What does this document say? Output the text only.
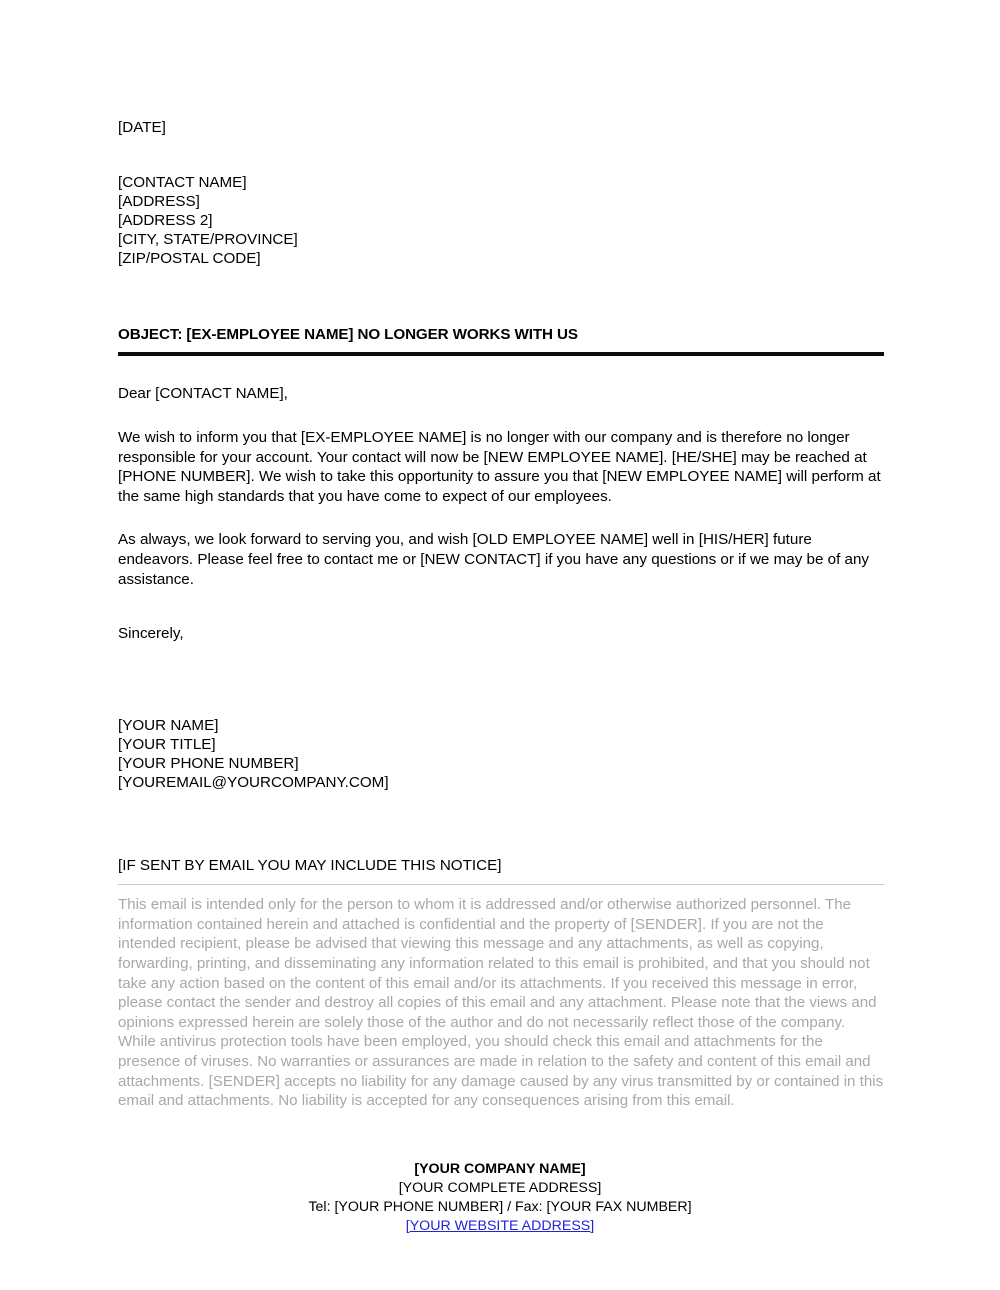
[DATE]
[CONTACT NAME]
[ADDRESS]
[ADDRESS 2]
[CITY, STATE/PROVINCE]
[ZIP/POSTAL CODE]
OBJECT: [EX-EMPLOYEE NAME] NO LONGER WORKS WITH US
Dear [CONTACT NAME],
We wish to inform you that [EX-EMPLOYEE NAME] is no longer with our company and is therefore no longer responsible for your account. Your contact will now be [NEW EMPLOYEE NAME]. [HE/SHE] may be reached at [PHONE NUMBER]. We wish to take this opportunity to assure you that [NEW EMPLOYEE NAME] will perform at the same high standards that you have come to expect of our employees.
As always, we look forward to serving you, and wish [OLD EMPLOYEE NAME] well in [HIS/HER] future endeavors. Please feel free to contact me or [NEW CONTACT] if you have any questions or if we may be of any assistance.
Sincerely,
[YOUR NAME]
[YOUR TITLE]
[YOUR PHONE NUMBER]
[YOUREMAIL@YOURCOMPANY.COM]
[IF SENT BY EMAIL YOU MAY INCLUDE THIS NOTICE]
This email is intended only for the person to whom it is addressed and/or otherwise authorized personnel. The information contained herein and attached is confidential and the property of [SENDER]. If you are not the intended recipient, please be advised that viewing this message and any attachments, as well as copying, forwarding, printing, and disseminating any information related to this email is prohibited, and that you should not take any action based on the content of this email and/or its attachments. If you received this message in error, please contact the sender and destroy all copies of this email and any attachment. Please note that the views and opinions expressed herein are solely those of the author and do not necessarily reflect those of the company. While antivirus protection tools have been employed, you should check this email and attachments for the presence of viruses. No warranties or assurances are made in relation to the safety and content of this email and attachments. [SENDER] accepts no liability for any damage caused by any virus transmitted by or contained in this email and attachments. No liability is accepted for any consequences arising from this email.
[YOUR COMPANY NAME]
[YOUR COMPLETE ADDRESS]
Tel: [YOUR PHONE NUMBER] / Fax: [YOUR FAX NUMBER]
[YOUR WEBSITE ADDRESS]
